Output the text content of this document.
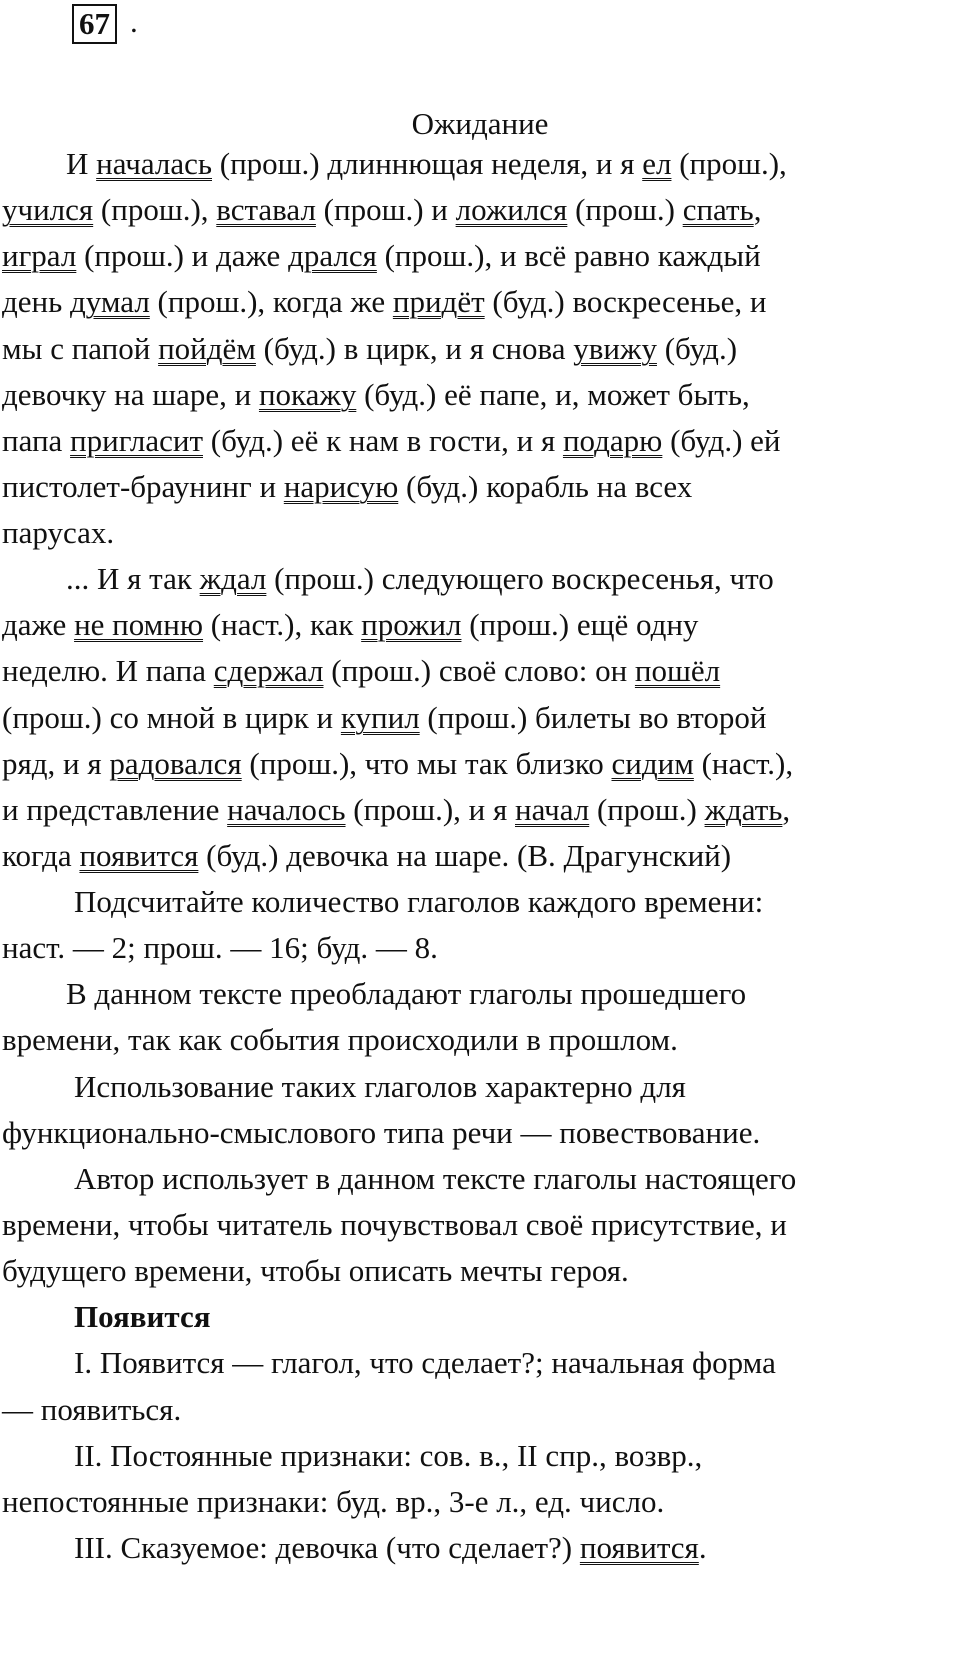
67 .
Ожидание
И началась (прош.) длиннющая неделя, и я ел (прош.),
учился (прош.), вставал (прош.) и ложился (прош.) спать,
играл (прош.) и даже дрался (прош.), и всё равно каждый
день думал (прош.), когда же придёт (буд.) воскресенье, и
мы с папой пойдём (буд.) в цирк, и я снова увижу (буд.)
девочку на шаре, и покажу (буд.) её папе, и, может быть,
папа пригласит (буд.) её к нам в гости, и я подарю (буд.) ей
пистолет-браунинг и нарисую (буд.) корабль на всех
парусах.
... И я так ждал (прош.) следующего воскресенья, что
даже не помню (наст.), как прожил (прош.) ещё одну
неделю. И папа сдержал (прош.) своё слово: он пошёл
(прош.) со мной в цирк и купил (прош.) билеты во второй
ряд, и я радовался (прош.), что мы так близко сидим (наст.),
и представление началось (прош.), и я начал (прош.) ждать,
когда появится (буд.) девочка на шаре. (В. Драгунский)
Подсчитайте количество глаголов каждого времени:
наст. — 2; прош. — 16; буд. — 8.
В данном тексте преобладают глаголы прошедшего
времени, так как события происходили в прошлом.
Использование таких глаголов характерно для
функционально-смыслового типа речи — повествование.
Автор использует в данном тексте глаголы настоящего
времени, чтобы читатель почувствовал своё присутствие, и
будущего времени, чтобы описать мечты героя.
Появится
I. Появится — глагол, что сделает?; начальная форма
— появиться.
II. Постоянные признаки: сов. в., II спр., возвр.,
непостоянные признаки: буд. вр., 3-е л., ед. число.
III. Сказуемое: девочка (что сделает?) появится.
